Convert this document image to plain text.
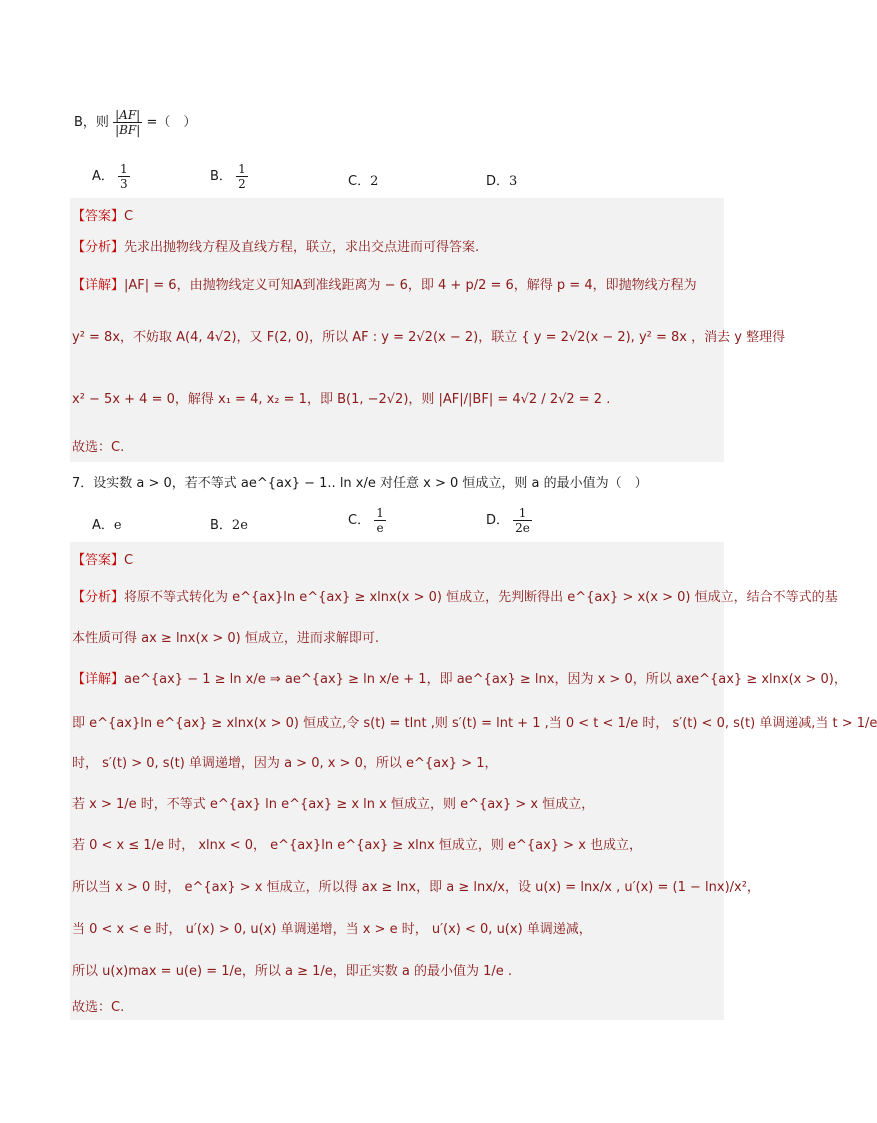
B，则 $\frac{|AF|}{|BF|}$ =（　）
A． $\frac{1}{3}$	B． $\frac{1}{2}$	C．2	D．3
【答案】C
【分析】先求出抛物线方程及直线方程，联立，求出交点进而可得答案.
【详解】|AF| = 6，由抛物线定义可知A到准线距离为 − 6，即 4 + p/2 = 6，解得 p = 4，即抛物线方程为
y² = 8x，不妨取 A(4, 4√2)，又 F(2, 0)，所以 AF : y = 2√2(x − 2)，联立 { y = 2√2(x − 2), y² = 8x ，消去 y 整理得
x² − 5x + 4 = 0，解得 x₁ = 4, x₂ = 1，即 B(1, −2√2)，则 |AF|/|BF| = 4√2 / 2√2 = 2 .
故选：C.
7．设实数 a > 0，若不等式 ae^{ax} − 1.. ln x/e 对任意 x > 0 恒成立，则 a 的最小值为（　）
A．e	B．2e	C． $\frac{1}{e}$	D． $\frac{1}{2e}$
【答案】C
【分析】将原不等式转化为 e^{ax}ln e^{ax} ≥ xlnx(x > 0) 恒成立，先判断得出 e^{ax} > x(x > 0) 恒成立，结合不等式的基
本性质可得 ax ≥ lnx(x > 0) 恒成立，进而求解即可.
【详解】ae^{ax} − 1 ≥ ln x/e ⇒ ae^{ax} ≥ ln x/e + 1，即 ae^{ax} ≥ lnx，因为 x > 0，所以 axe^{ax} ≥ xlnx(x > 0)，
即 e^{ax}ln e^{ax} ≥ xlnx(x > 0) 恒成立,令 s(t) = tlnt ,则 s′(t) = lnt + 1 ,当 0 < t < 1/e 时， s′(t) < 0, s(t) 单调递减,当 t > 1/e
时， s′(t) > 0, s(t) 单调递增，因为 a > 0, x > 0，所以 e^{ax} > 1，
若 x > 1/e 时，不等式 e^{ax} ln e^{ax} ≥ x ln x 恒成立，则 e^{ax} > x 恒成立，
若 0 < x ≤ 1/e 时， xlnx < 0， e^{ax}ln e^{ax} ≥ xlnx 恒成立，则 e^{ax} > x 也成立，
所以当 x > 0 时， e^{ax} > x 恒成立，所以得 ax ≥ lnx，即 a ≥ lnx/x，设 u(x) = lnx/x , u′(x) = (1 − lnx)/x²，
当 0 < x < e 时， u′(x) > 0, u(x) 单调递增，当 x > e 时， u′(x) < 0, u(x) 单调递减，
所以 u(x)max = u(e) = 1/e，所以 a ≥ 1/e，即正实数 a 的最小值为 1/e .
故选：C.
